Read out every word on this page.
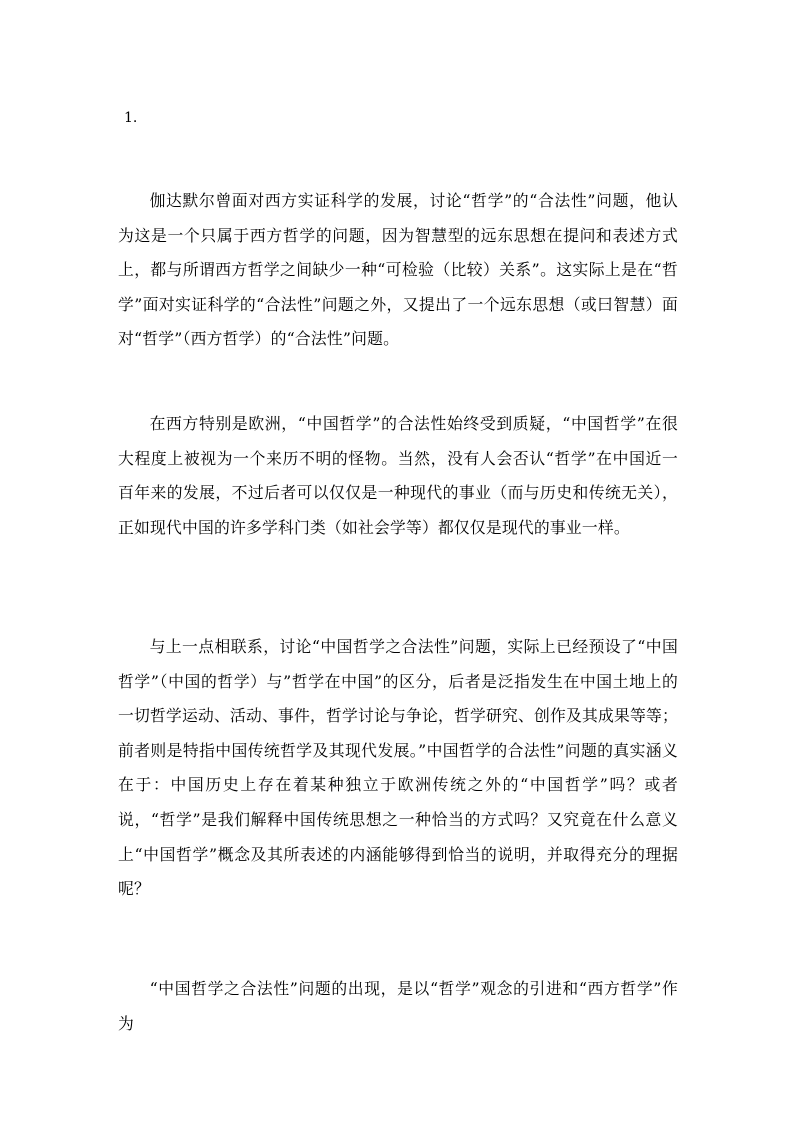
1.

伽达默尔曾面对西方实证科学的发展，讨论“哲学”的“合法性”问题，他认为这是一个只属于西方哲学的问题，因为智慧型的远东思想在提问和表述方式上，都与所谓西方哲学之间缺少一种“可检验（比较）关系”。这实际上是在“哲学”面对实证科学的“合法性”问题之外，又提出了一个远东思想（或曰智慧）面对“哲学”（西方哲学）的“合法性”问题。

在西方特别是欧洲，“中国哲学”的合法性始终受到质疑，“中国哲学”在很大程度上被视为一个来历不明的怪物。当然，没有人会否认“哲学”在中国近一百年来的发展，不过后者可以仅仅是一种现代的事业（而与历史和传统无关），正如现代中国的许多学科门类（如社会学等）都仅仅是现代的事业一样。

与上一点相联系，讨论“中国哲学之合法性”问题，实际上已经预设了“中国哲学”（中国的哲学）与”哲学在中国”的区分，后者是泛指发生在中国土地上的一切哲学运动、活动、事件，哲学讨论与争论，哲学研究、创作及其成果等等；前者则是特指中国传统哲学及其现代发展。”中国哲学的合法性”问题的真实涵义在于：中国历史上存在着某种独立于欧洲传统之外的“中国哲学”吗？或者说，“哲学”是我们解释中国传统思想之一种恰当的方式吗？又究竟在什么意义上“中国哲学”概念及其所表述的内涵能够得到恰当的说明，并取得充分的理据呢？

“中国哲学之合法性”问题的出现，是以“哲学”观念的引进和“西方哲学”作为
